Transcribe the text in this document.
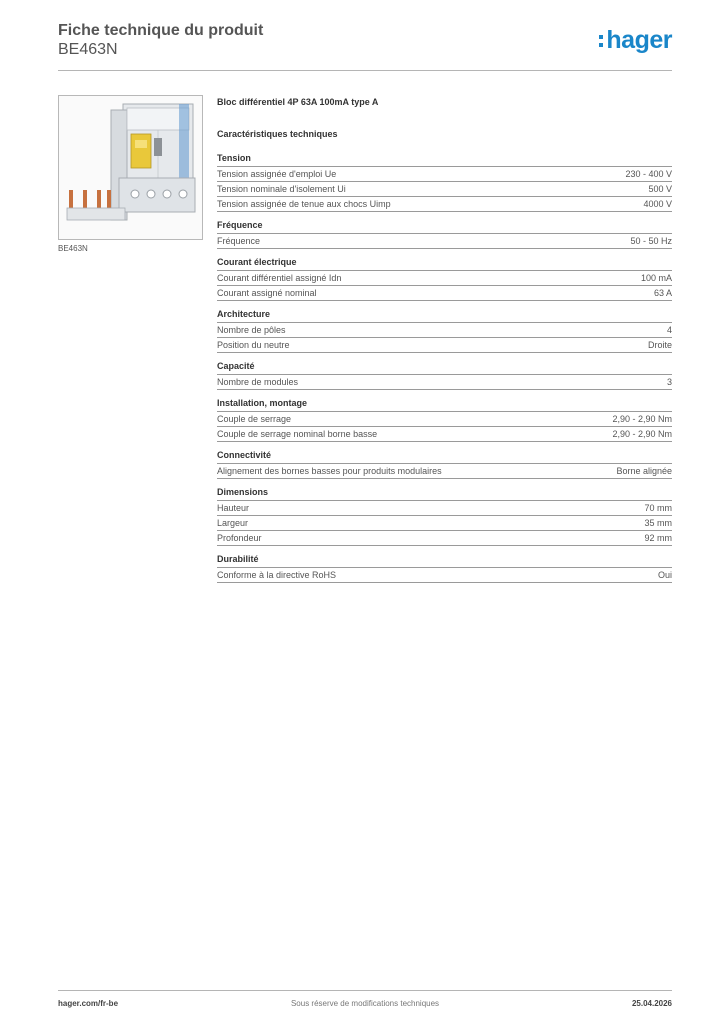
Fiche technique du produit
BE463N	hager
BE463N
Bloc différentiel 4P 63A 100mA type A
Caractéristiques techniques
Tension
Tension assignée d'emploi Ue	230 - 400 V
Tension nominale d'isolement Ui	500 V
Tension assignée de tenue aux chocs Uimp	4000 V
Fréquence
Fréquence	50 - 50 Hz
Courant électrique
Courant différentiel assigné Idn	100 mA
Courant assigné nominal	63 A
Architecture
Nombre de pôles	4
Position du neutre	Droite
Capacité
Nombre de modules	3
Installation, montage
Couple de serrage	2,90 - 2,90 Nm
Couple de serrage nominal borne basse	2,90 - 2,90 Nm
Connectivité
Alignement des bornes basses pour produits modulaires	Borne alignée
Dimensions
Hauteur	70 mm
Largeur	35 mm
Profondeur	92 mm
Durabilité
Conforme à la directive RoHS	Oui
hager.com/fr-be	Sous réserve de modifications techniques	25.04.2026
